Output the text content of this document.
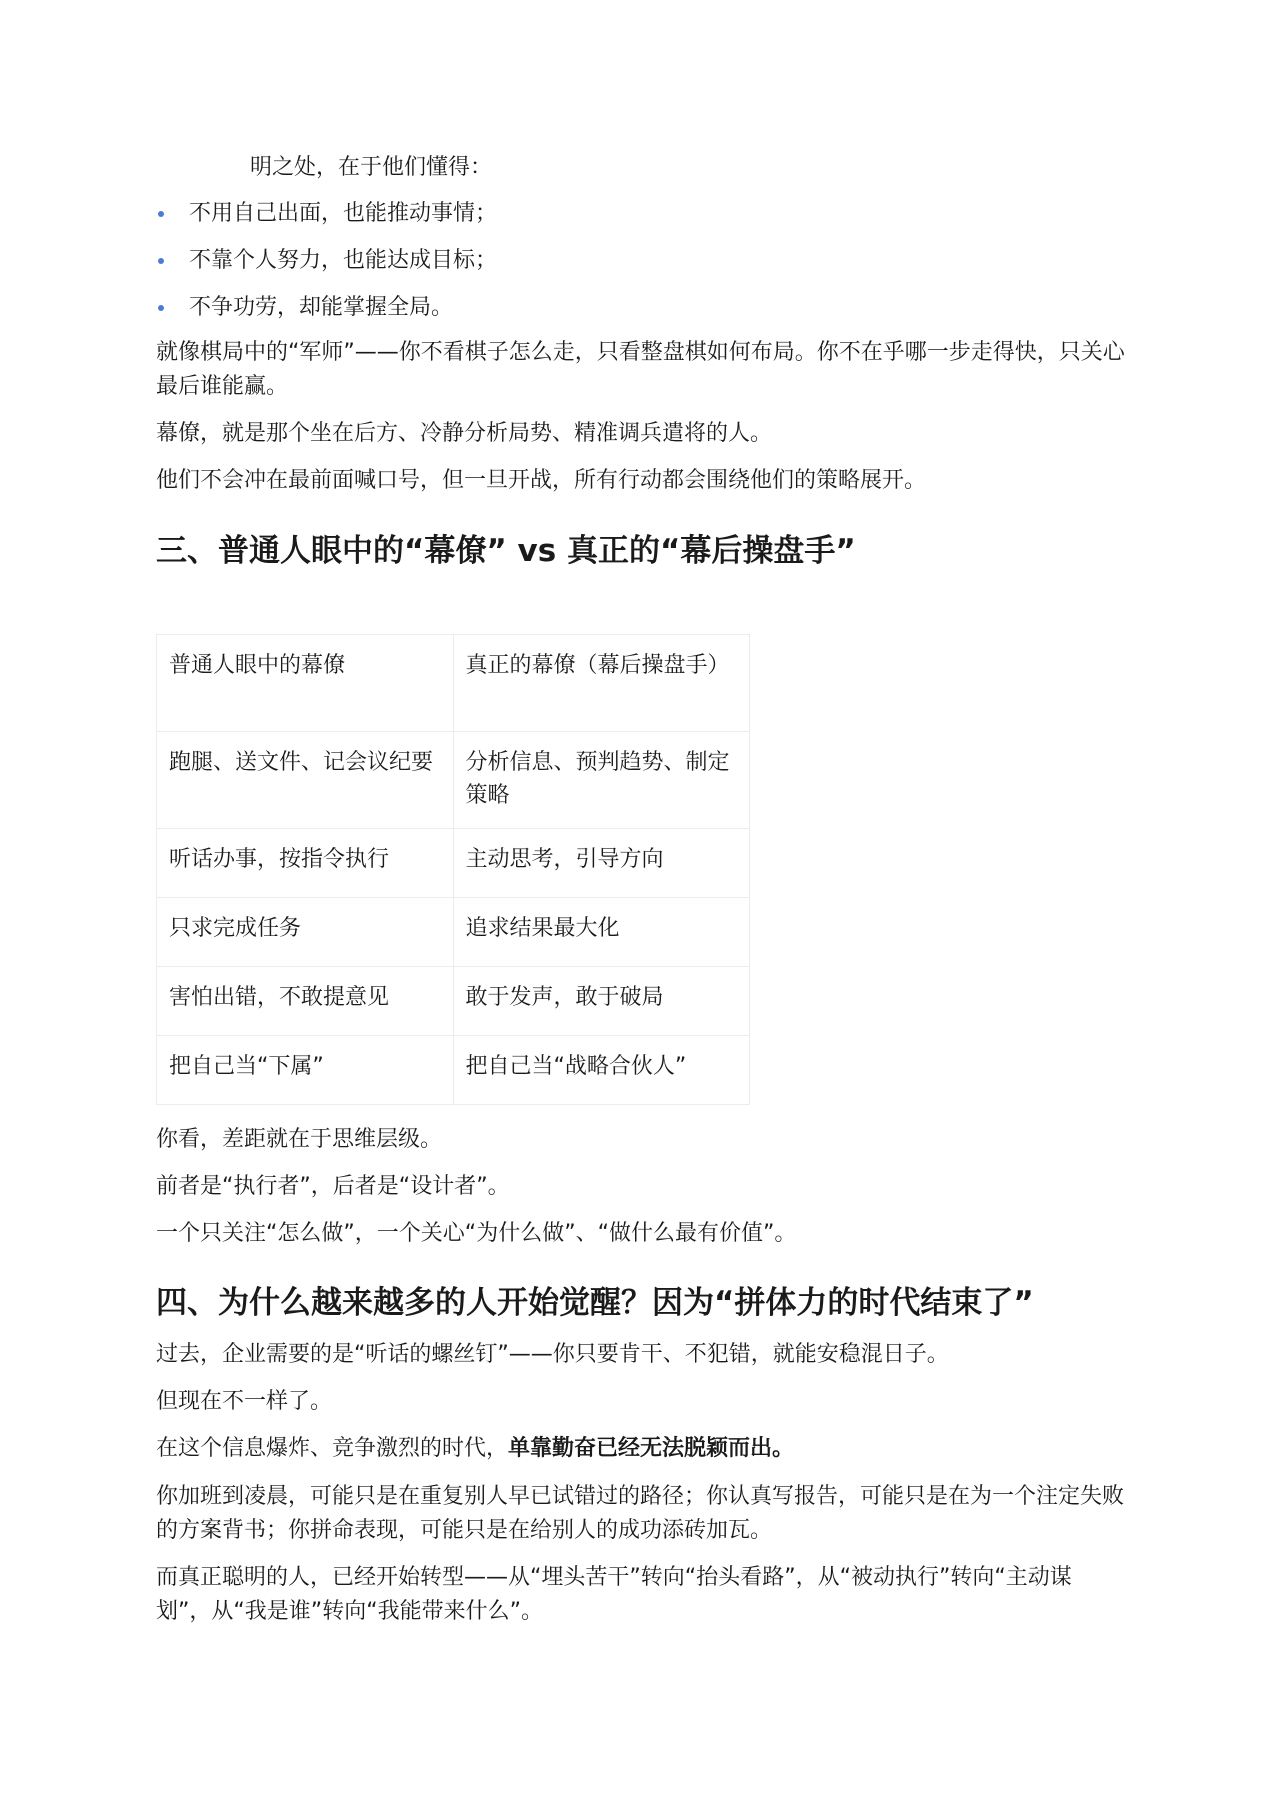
明之处，在于他们懂得：

不用自己出面，也能推动事情；
不靠个人努力，也能达成目标；
不争功劳，却能掌握全局。

就像棋局中的“军师”——你不看棋子怎么走，只看整盘棋如何布局。你不在乎哪一步走得快，只关心最后谁能赢。

幕僚，就是那个坐在后方、冷静分析局势、精准调兵遣将的人。

他们不会冲在最前面喊口号，但一旦开战，所有行动都会围绕他们的策略展开。

三、普通人眼中的“幕僚” vs 真正的“幕后操盘手”
普通人眼中的幕僚	真正的幕僚（幕后操盘手）
跑腿、送文件、记会议纪要	分析信息、预判趋势、制定策略
听话办事，按指令执行	主动思考，引导方向
只求完成任务	追求结果最大化
害怕出错，不敢提意见	敢于发声，敢于破局
把自己当“下属”	把自己当“战略合伙人”

你看，差距就在于思维层级。

前者是“执行者”，后者是“设计者”。

一个只关注“怎么做”，一个关心“为什么做”、“做什么最有价值”。

四、为什么越来越多的人开始觉醒？因为“拼体力的时代结束了”

过去，企业需要的是“听话的螺丝钉”——你只要肯干、不犯错，就能安稳混日子。

但现在不一样了。

在这个信息爆炸、竞争激烈的时代，单靠勤奋已经无法脱颖而出。

你加班到凌晨，可能只是在重复别人早已试错过的路径；你认真写报告，可能只是在为一个注定失败的方案背书；你拼命表现，可能只是在给别人的成功添砖加瓦。

而真正聪明的人，已经开始转型——从“埋头苦干”转向“抬头看路”，从“被动执行”转向“主动谋划”，从“我是谁”转向“我能带来什么”。
